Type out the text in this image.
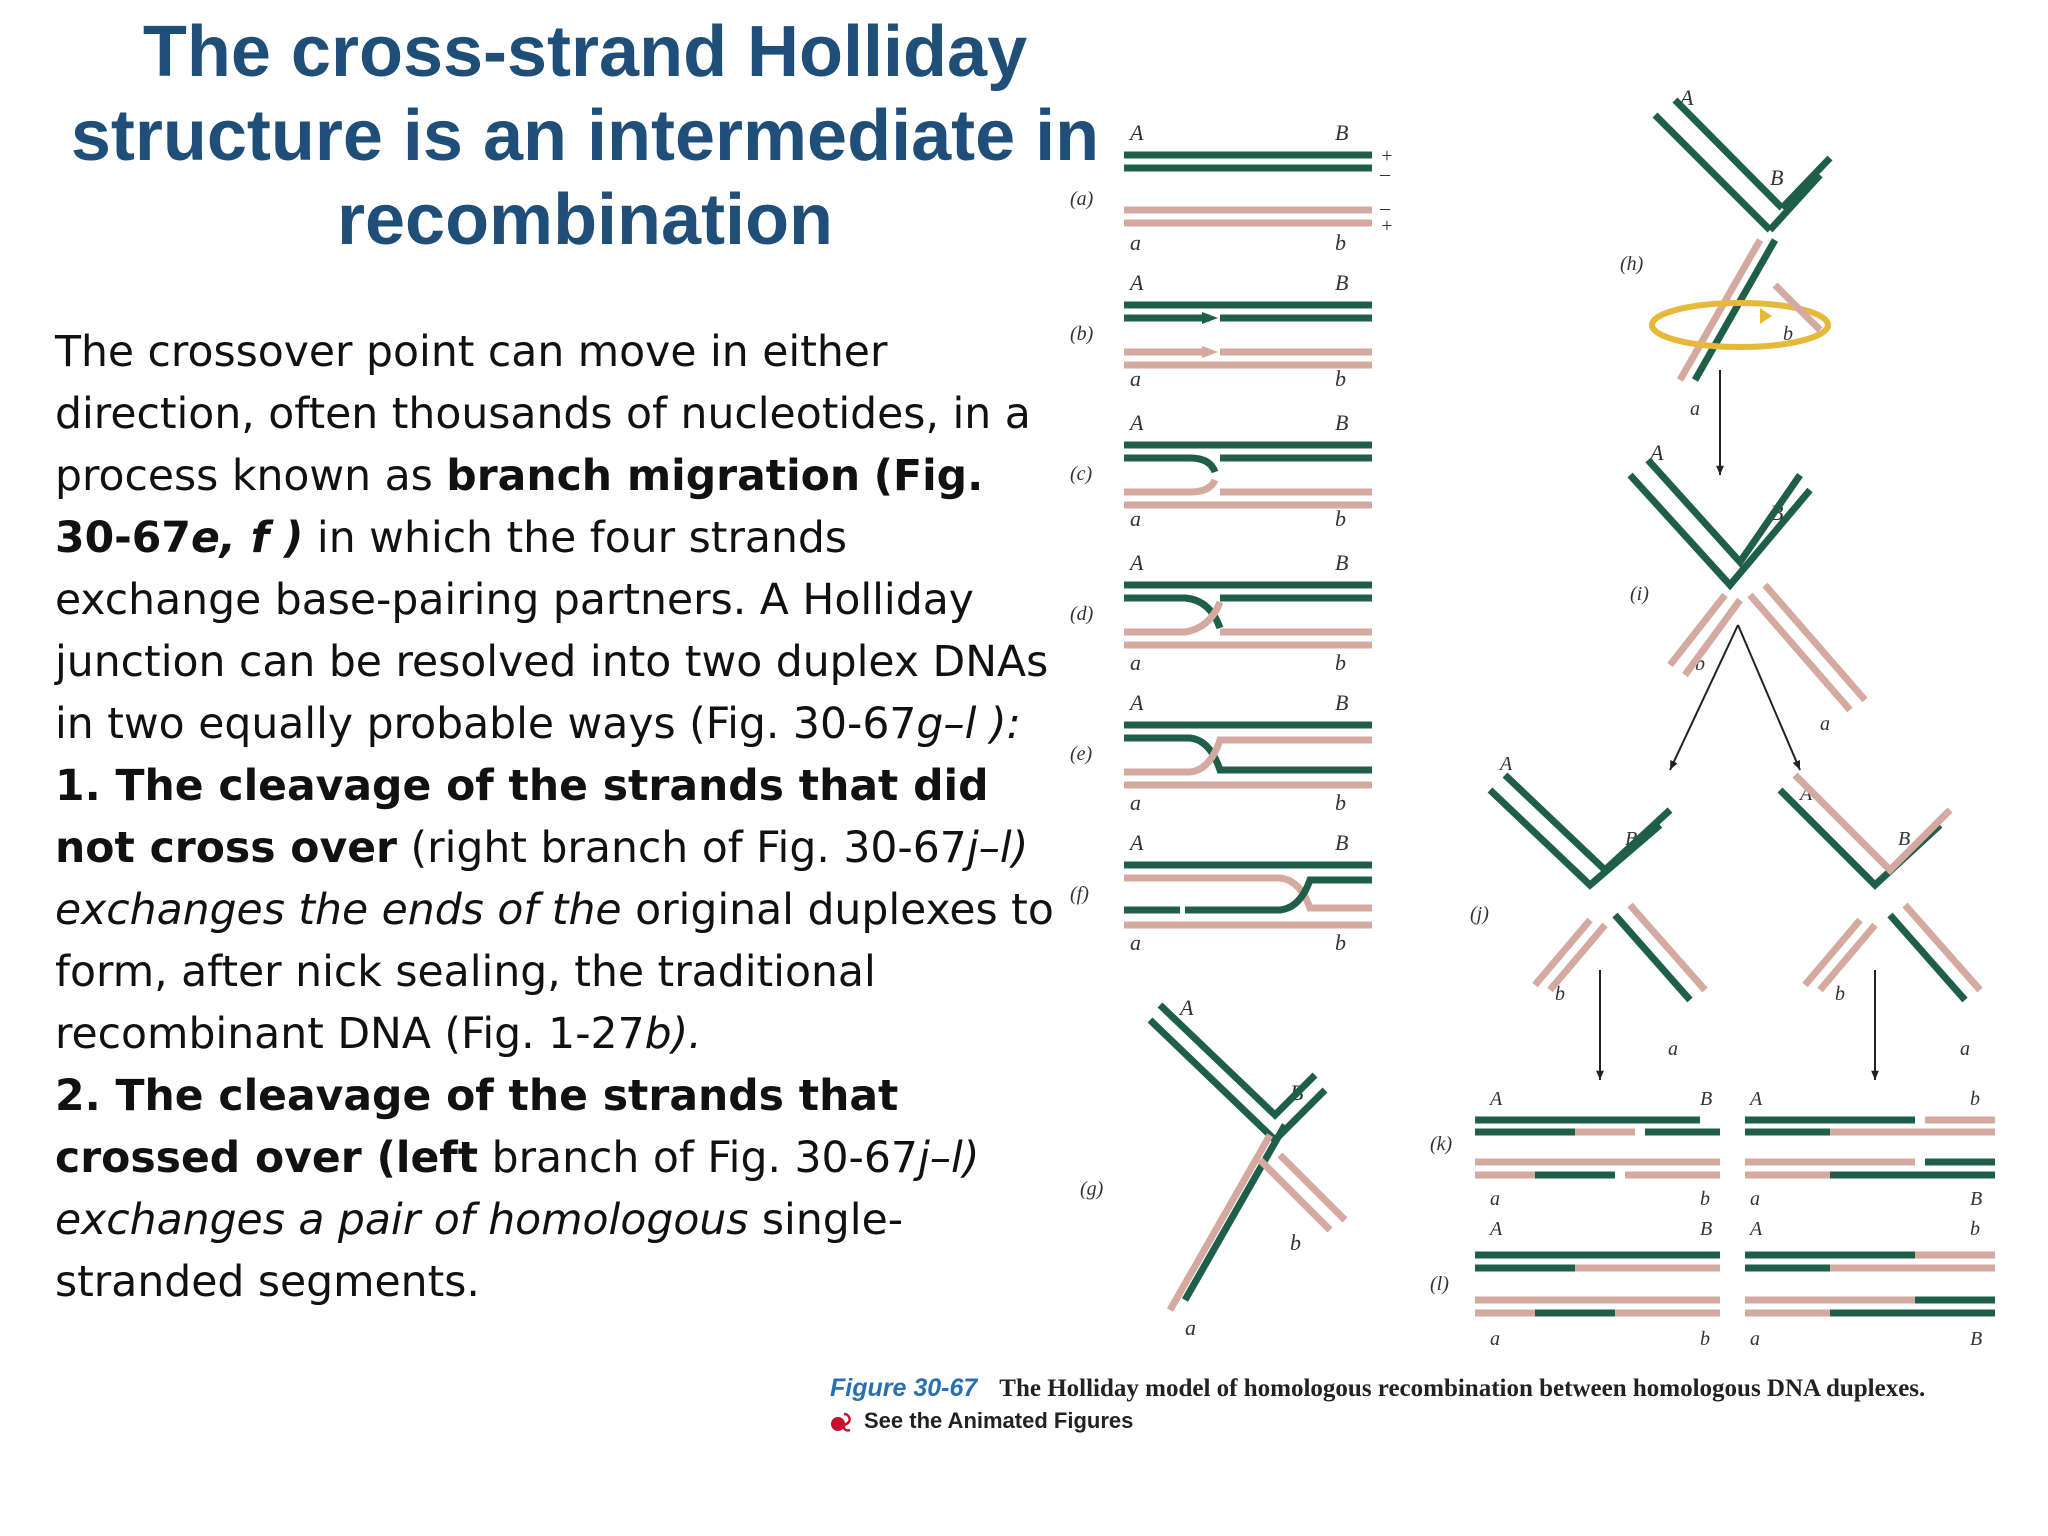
The cross-strand Holliday
structure is an intermediate in
recombination
The crossover point can move in either direction, often thousands of nucleotides, in a process known as branch migration (Fig. 30-67e, f ) in which the four strands exchange base-pairing partners. A Holliday junction can be resolved into two duplex DNAs in two equally probable ways (Fig. 30-67g–l ): 1. The cleavage of the strands that did not cross over (right branch of Fig. 30-67j–l) exchanges the ends of the original duplexes to form, after nick sealing, the traditional recombinant DNA (Fig. 1-27b).
2. The cleavage of the strands that crossed over (left branch of Fig. 30-67j–l) exchanges a pair of homologous single-stranded segments.
(a)
A	B
+
–
–
+
a	b
(b)
A	B
a	b
(c)
A	B
a	b
(d)
A	B
a	b
(e)
A	B
a	b
(f)
A	B
a	b
(g)
A
B
b
a
(h)
A
B
b
a
(i)
A
B
b
a
(j)
A
B
b
a
A
B
b
a
(k)
A	B A	b
a	b a	B
(l)
A	B A	b
a	b a	B
Figure 30-67 The Holliday model of homologous recombination between homologous DNA duplexes.
See the Animated Figures
